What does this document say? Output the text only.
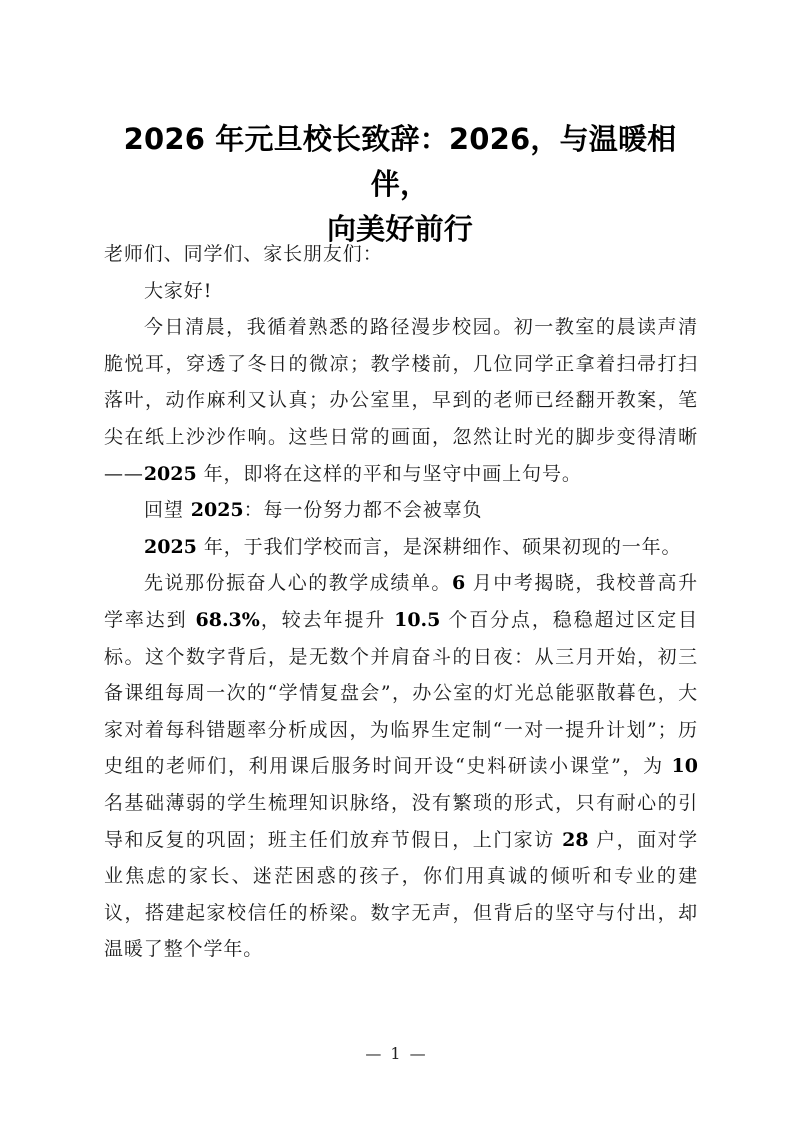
2026 年元旦校长致辞：2026，与温暖相伴，
向美好前行

老师们、同学们、家长朋友们：

大家好!

今日清晨，我循着熟悉的路径漫步校园。初一教室的晨读声清脆悦耳，穿透了冬日的微凉；教学楼前，几位同学正拿着扫帚打扫落叶，动作麻利又认真；办公室里，早到的老师已经翻开教案，笔尖在纸上沙沙作响。这些日常的画面，忽然让时光的脚步变得清晰——2025 年，即将在这样的平和与坚守中画上句号。

回望 2025：每一份努力都不会被辜负

2025 年，于我们学校而言，是深耕细作、硕果初现的一年。

先说那份振奋人心的教学成绩单。6 月中考揭晓，我校普高升学率达到 68.3%，较去年提升 10.5 个百分点，稳稳超过区定目标。这个数字背后，是无数个并肩奋斗的日夜：从三月开始，初三备课组每周一次的“学情复盘会”，办公室的灯光总能驱散暮色，大家对着每科错题率分析成因，为临界生定制“一对一提升计划”；历史组的老师们，利用课后服务时间开设“史料研读小课堂”，为 10 名基础薄弱的学生梳理知识脉络，没有繁琐的形式，只有耐心的引导和反复的巩固；班主任们放弃节假日，上门家访 28 户，面对学业焦虑的家长、迷茫困惑的孩子，你们用真诚的倾听和专业的建议，搭建起家校信任的桥梁。数字无声，但背后的坚守与付出，却温暖了整个学年。

— 1 —
